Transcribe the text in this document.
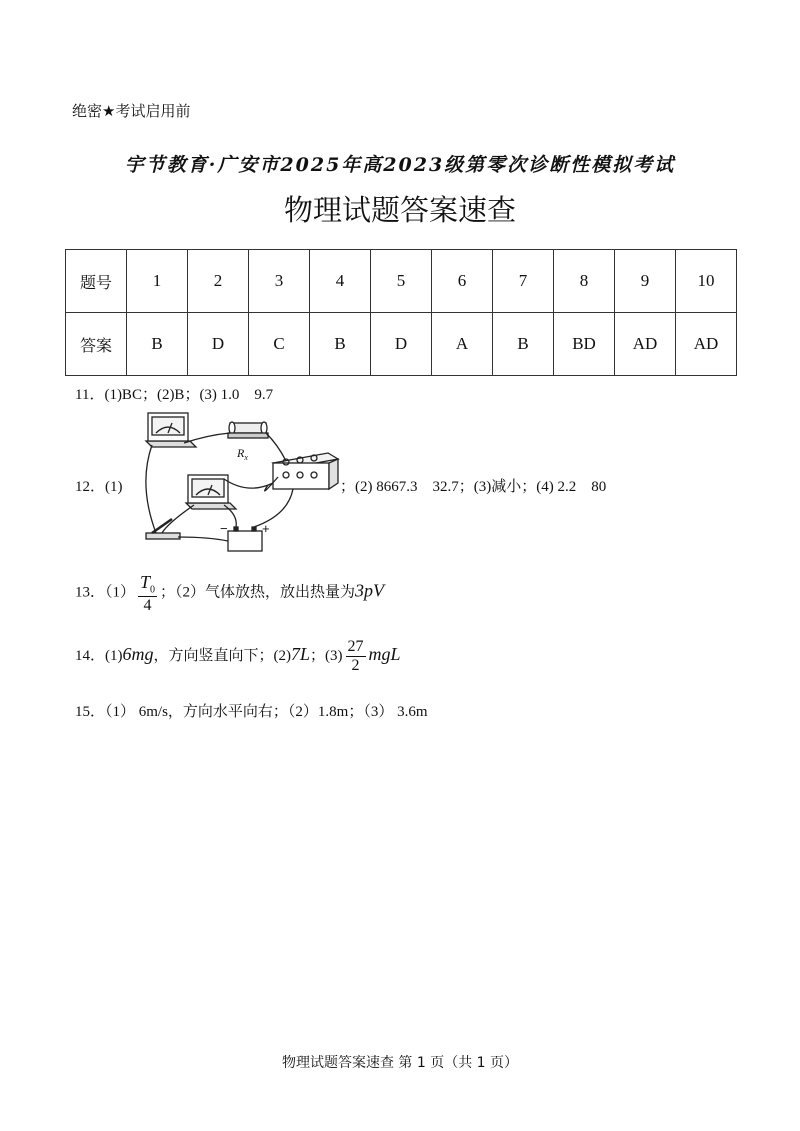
绝密★考试启用前
宇节教育·广安市2025年高2023级第零次诊断性模拟考试
物理试题答案速查
题号	1	2	3	4	5	6	7	8	9	10
答案	B	D	C	B	D	A	B	BD	AD	AD
11．(1)BC；(2)B；(3) 1.0　9.7
$R_x$
−	+
12．(1)	；(2) 8667.3　32.7；(3)减小；(4) 2.2　80
13．$(1) \frac{T_0}{4}$ ；（2）气体放热，放出热量为3pV
14．(1)6mg，方向竖直向下；(2)7L；$(3) \frac{27}{2}$ mgL
15．（1） 6m/s，方向水平向右；（2）1.8m；（3） 3.6m
物理试题答案速查 第 1 页（共 1 页）
